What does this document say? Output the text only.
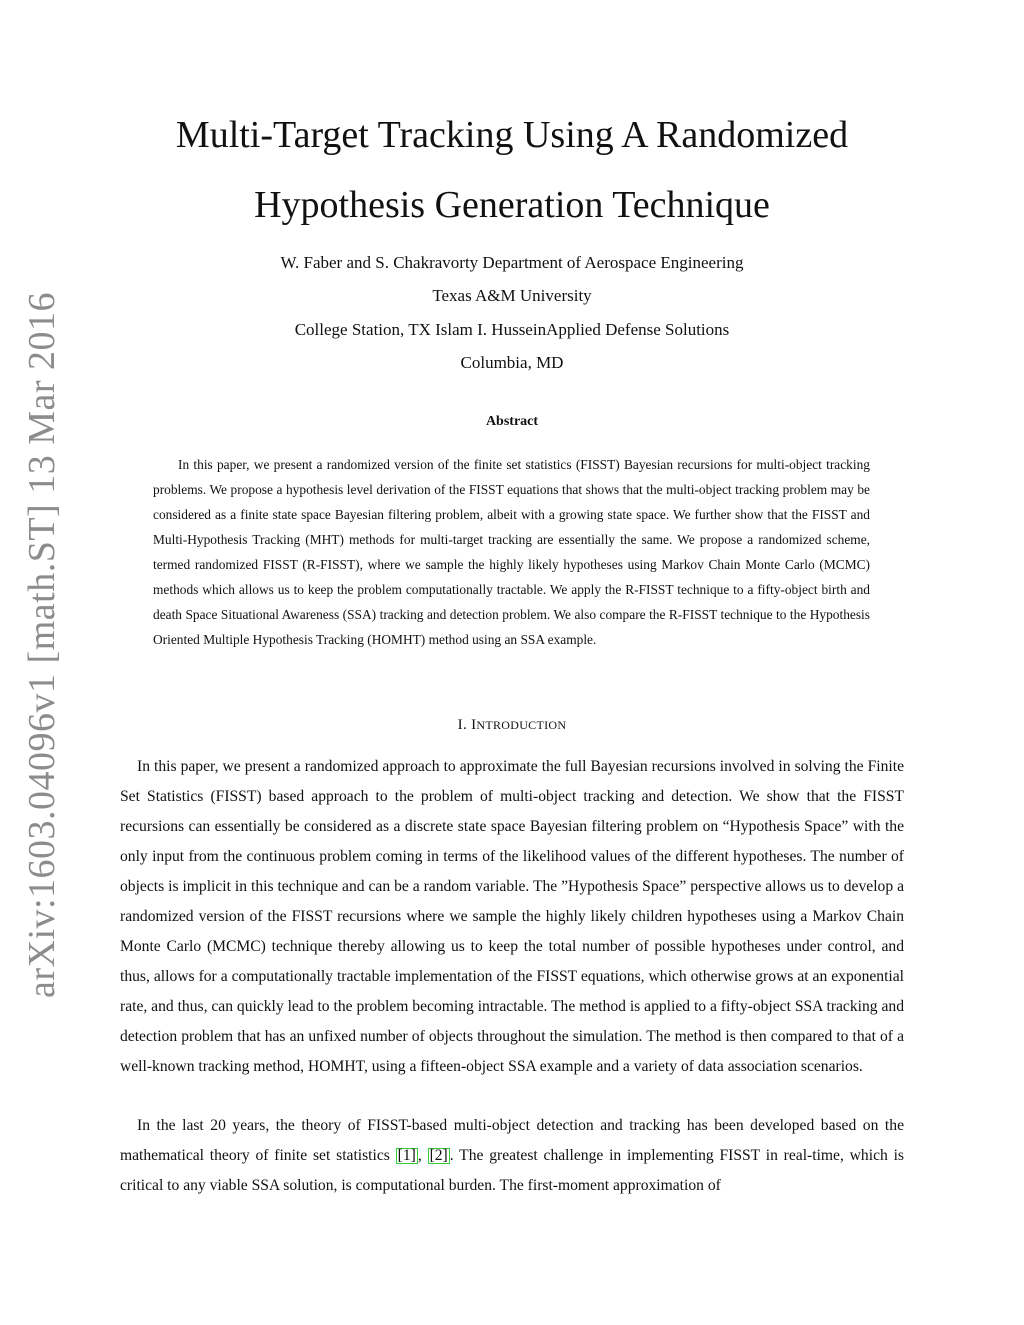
arXiv:1603.04096v1 [math.ST] 13 Mar 2016
Multi-Target Tracking Using A Randomized
Hypothesis Generation Technique
W. Faber and S. Chakravorty Department of Aerospace Engineering
Texas A&M University
College Station, TX Islam I. HusseinApplied Defense Solutions
Columbia, MD
Abstract

In this paper, we present a randomized version of the finite set statistics (FISST) Bayesian recursions for multi-object tracking problems. We propose a hypothesis level derivation of the FISST equations that shows that the multi-object tracking problem may be considered as a finite state space Bayesian filtering problem, albeit with a growing state space. We further show that the FISST and Multi-Hypothesis Tracking (MHT) methods for multi-target tracking are essentially the same. We propose a randomized scheme, termed randomized FISST (R-FISST), where we sample the highly likely hypotheses using Markov Chain Monte Carlo (MCMC) methods which allows us to keep the problem computationally tractable. We apply the R-FISST technique to a fifty-object birth and death Space Situational Awareness (SSA) tracking and detection problem. We also compare the R-FISST technique to the Hypothesis Oriented Multiple Hypothesis Tracking (HOMHT) method using an SSA example.

I. INTRODUCTION

In this paper, we present a randomized approach to approximate the full Bayesian recursions involved in solving the Finite Set Statistics (FISST) based approach to the problem of multi-object tracking and detection. We show that the FISST recursions can essentially be considered as a discrete state space Bayesian filtering problem on “Hypothesis Space” with the only input from the continuous problem coming in terms of the likelihood values of the different hypotheses. The number of objects is implicit in this technique and can be a random variable. The ”Hypothesis Space” perspective allows us to develop a randomized version of the FISST recursions where we sample the highly likely children hypotheses using a Markov Chain Monte Carlo (MCMC) technique thereby allowing us to keep the total number of possible hypotheses under control, and thus, allows for a computationally tractable implementation of the FISST equations, which otherwise grows at an exponential rate, and thus, can quickly lead to the problem becoming intractable. The method is applied to a fifty-object SSA tracking and detection problem that has an unfixed number of objects throughout the simulation. The method is then compared to that of a well-known tracking method, HOMHT, using a fifteen-object SSA example and a variety of data association scenarios.

In the last 20 years, the theory of FISST-based multi-object detection and tracking has been developed based on the mathematical theory of finite set statistics [1] , [2] . The greatest challenge in implementing FISST in real-time, which is critical to any viable SSA solution, is computational burden. The first-moment approximation of
